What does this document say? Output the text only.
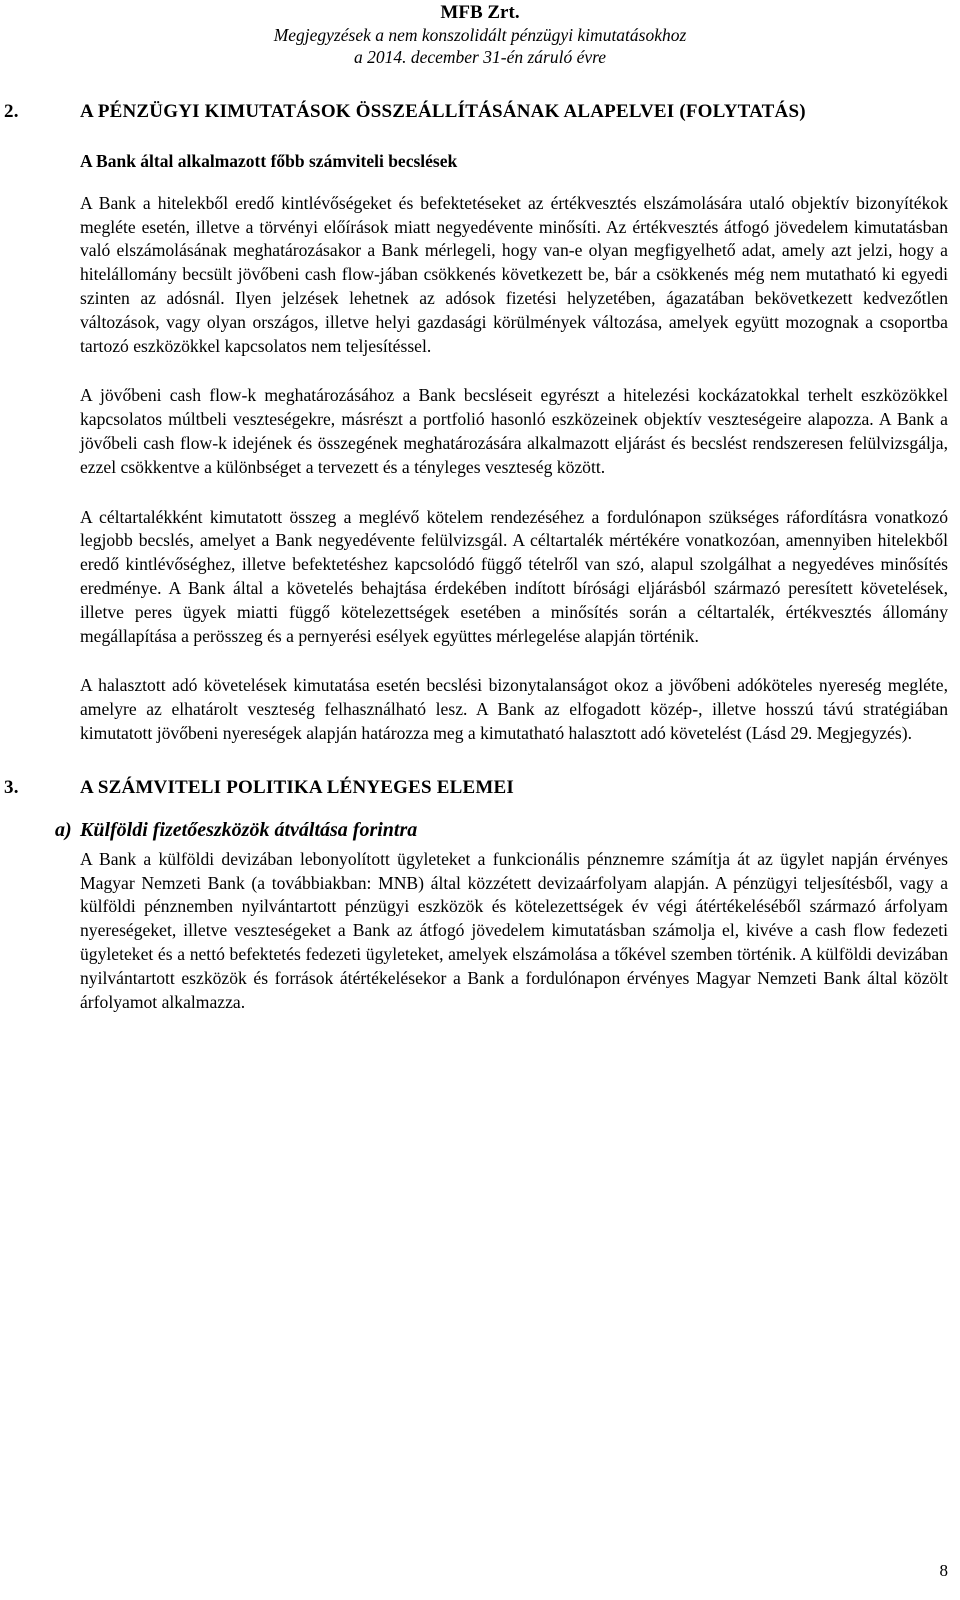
MFB Zrt.
Megjegyzések a nem konszolidált pénzügyi kimutatásokhoz
a 2014. december 31-én záruló évre
2.	A PÉNZÜGYI KIMUTATÁSOK ÖSSZEÁLLÍTÁSÁNAK ALAPELVEI (FOLYTATÁS)

A Bank által alkalmazott főbb számviteli becslések

A Bank a hitelekből eredő kintlévőségeket és befektetéseket az értékvesztés elszámolására utaló objektív bizonyítékok megléte esetén, illetve a törvényi előírások miatt negyedévente minősíti. Az értékvesztés átfogó jövedelem kimutatásban való elszámolásának meghatározásakor a Bank mérlegeli, hogy van-e olyan megfigyelhető adat, amely azt jelzi, hogy a hitelállomány becsült jövőbeni cash flow-jában csökkenés következett be, bár a csökkenés még nem mutatható ki egyedi szinten az adósnál. Ilyen jelzések lehetnek az adósok fizetési helyzetében, ágazatában bekövetkezett kedvezőtlen változások, vagy olyan országos, illetve helyi gazdasági körülmények változása, amelyek együtt mozognak a csoportba tartozó eszközökkel kapcsolatos nem teljesítéssel.

A jövőbeni cash flow-k meghatározásához a Bank becsléseit egyrészt a hitelezési kockázatokkal terhelt eszközökkel kapcsolatos múltbeli veszteségekre, másrészt a portfolió hasonló eszközeinek objektív veszteségeire alapozza. A Bank a jövőbeli cash flow-k idejének és összegének meghatározására alkalmazott eljárást és becslést rendszeresen felülvizsgálja, ezzel csökkentve a különbséget a tervezett és a tényleges veszteség között.

A céltartalékként kimutatott összeg a meglévő kötelem rendezéséhez a fordulónapon szükséges ráfordításra vonatkozó legjobb becslés, amelyet a Bank negyedévente felülvizsgál. A céltartalék mértékére vonatkozóan, amennyiben hitelekből eredő kintlévőséghez, illetve befektetéshez kapcsolódó függő tételről van szó, alapul szolgálhat a negyedéves minősítés eredménye. A Bank által a követelés behajtása érdekében indított bírósági eljárásból származó peresített követelések, illetve peres ügyek miatti függő kötelezettségek esetében a minősítés során a céltartalék, értékvesztés állomány megállapítása a perösszeg és a pernyerési esélyek együttes mérlegelése alapján történik.

A halasztott adó követelések kimutatása esetén becslési bizonytalanságot okoz a jövőbeni adóköteles nyereség megléte, amelyre az elhatárolt veszteség felhasználható lesz. A Bank az elfogadott közép-, illetve hosszú távú stratégiában kimutatott jövőbeni nyereségek alapján határozza meg a kimutatható halasztott adó követelést (Lásd 29. Megjegyzés).

3.	A SZÁMVITELI POLITIKA LÉNYEGES ELEMEI
a) Külföldi fizetőeszközök átváltása forintra

A Bank a külföldi devizában lebonyolított ügyleteket a funkcionális pénznemre számítja át az ügylet napján érvényes Magyar Nemzeti Bank (a továbbiakban: MNB) által közzétett devizaárfolyam alapján. A pénzügyi teljesítésből, vagy a külföldi pénznemben nyilvántartott pénzügyi eszközök és kötelezettségek év végi átértékeléséből származó árfolyam nyereségeket, illetve veszteségeket a Bank az átfogó jövedelem kimutatásban számolja el, kivéve a cash flow fedezeti ügyleteket és a nettó befektetés fedezeti ügyleteket, amelyek elszámolása a tőkével szemben történik. A külföldi devizában nyilvántartott eszközök és források átértékelésekor a Bank a fordulónapon érvényes Magyar Nemzeti Bank által közölt árfolyamot alkalmazza.

8
